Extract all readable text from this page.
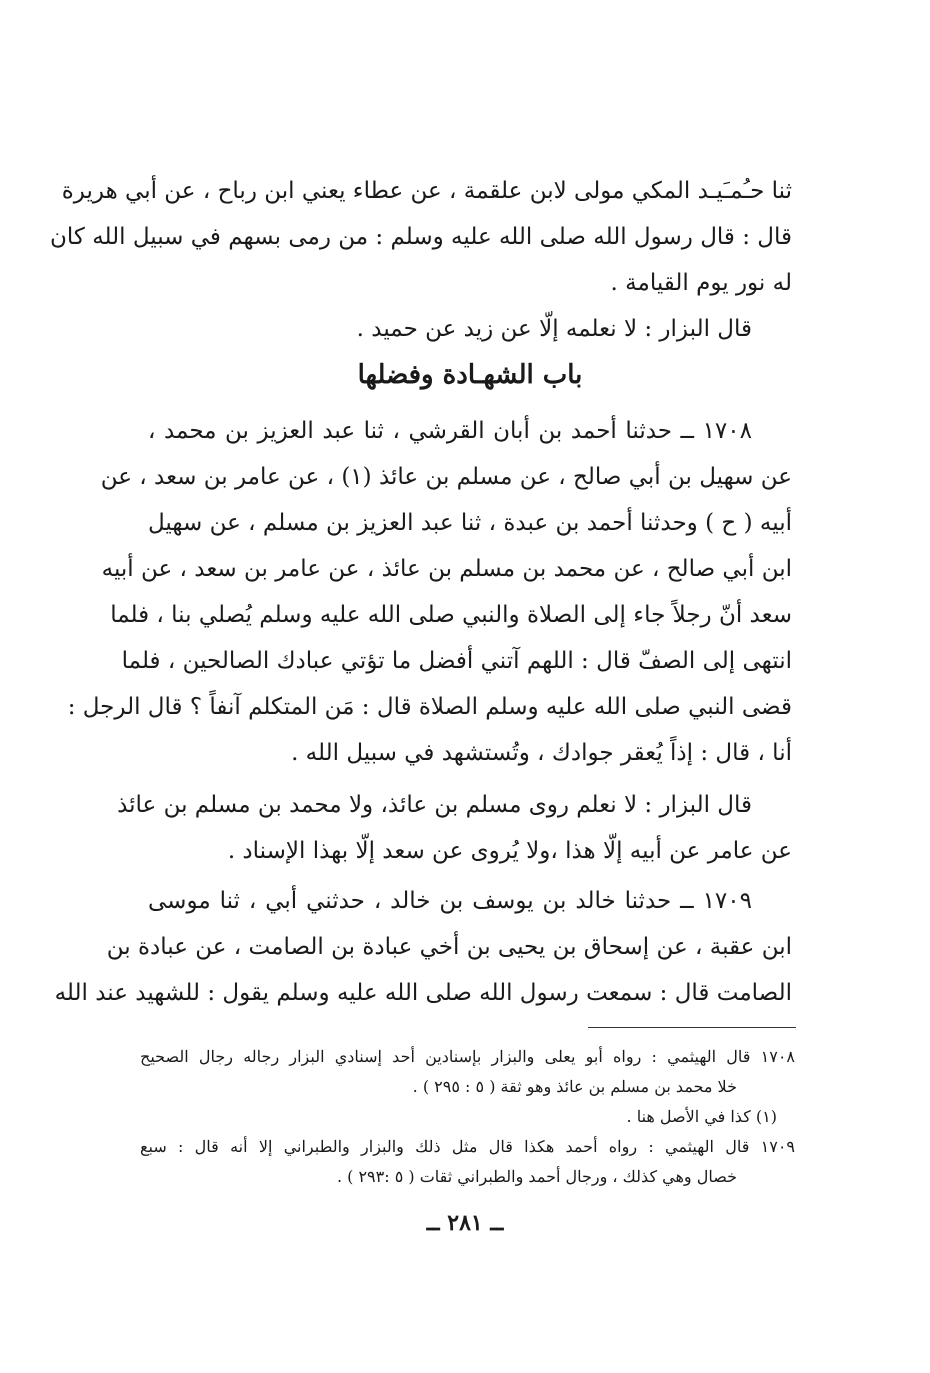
ثنا حـُمـَيـد المكي مولى لابن علقمة ، عن عطاء يعني ابن رباح ، عن أبي هريرة
قال : قال رسول الله صلى الله عليه وسلم : من رمى بسهم في سبيل الله كان
له نور يوم القيامة .
قال البزار : لا نعلمه إلّا عن زيد عن حميد .
باب الشهـادة وفضلها
١٧٠٨ ــ حدثنا أحمد بن أبان القرشي ، ثنا عبد العزيز بن محمد ،
عن سهيل بن أبي صالح ، عن مسلم بن عائذ (١) ، عن عامر بن سعد ، عن
أبيه ( ح ) وحدثنا أحمد بن عبدة ، ثنا عبد العزيز بن مسلم ، عن سهيل
ابن أبي صالح ، عن محمد بن مسلم بن عائذ ، عن عامر بن سعد ، عن أبيه
سعد أنّ رجلاً جاء إلى الصلاة والنبي صلى الله عليه وسلم يُصلي بنا ، فلما
انتهى إلى الصفّ قال : اللهم آتني أفضل ما تؤتي عبادك الصالحين ، فلما
قضى النبي صلى الله عليه وسلم الصلاة قال : مَن المتكلم آنفاً ؟ قال الرجل :
أنا ، قال : إذاً يُعقر جوادك ، وتُستشهد في سبيل الله .
قال البزار : لا نعلم روى مسلم بن عائذ، ولا محمد بن مسلم بن عائذ
عن عامر عن أبيه إلّا هذا ،ولا يُروى عن سعد إلّا بهذا الإسناد .
١٧٠٩ ــ حدثنا خالد بن يوسف بن خالد ، حدثني أبي ، ثنا موسى
ابن عقبة ، عن إسحاق بن يحيى بن أخي عبادة بن الصامت ، عن عبادة بن
الصامت قال : سمعت رسول الله صلى الله عليه وسلم يقول : للشهيد عند الله
١٧٠٨ قال الهيثمي : رواه أبو يعلى والبزار بإسنادين أحد إسنادي البزار رجاله رجال الصحيح
خلا محمد بن مسلم بن عائذ وهو ثقة ( ٥ : ٢٩٥ ) .
(١) كذا في الأصل هنا .
١٧٠٩ قال الهيثمي : رواه أحمد هكذا قال مثل ذلك والبزار والطبراني إلا أنه قال : سبع
خصال وهي كذلك ، ورجال أحمد والطبراني ثقات ( ٥ :٢٩٣ ) .
ــ ٢٨١ ــ
